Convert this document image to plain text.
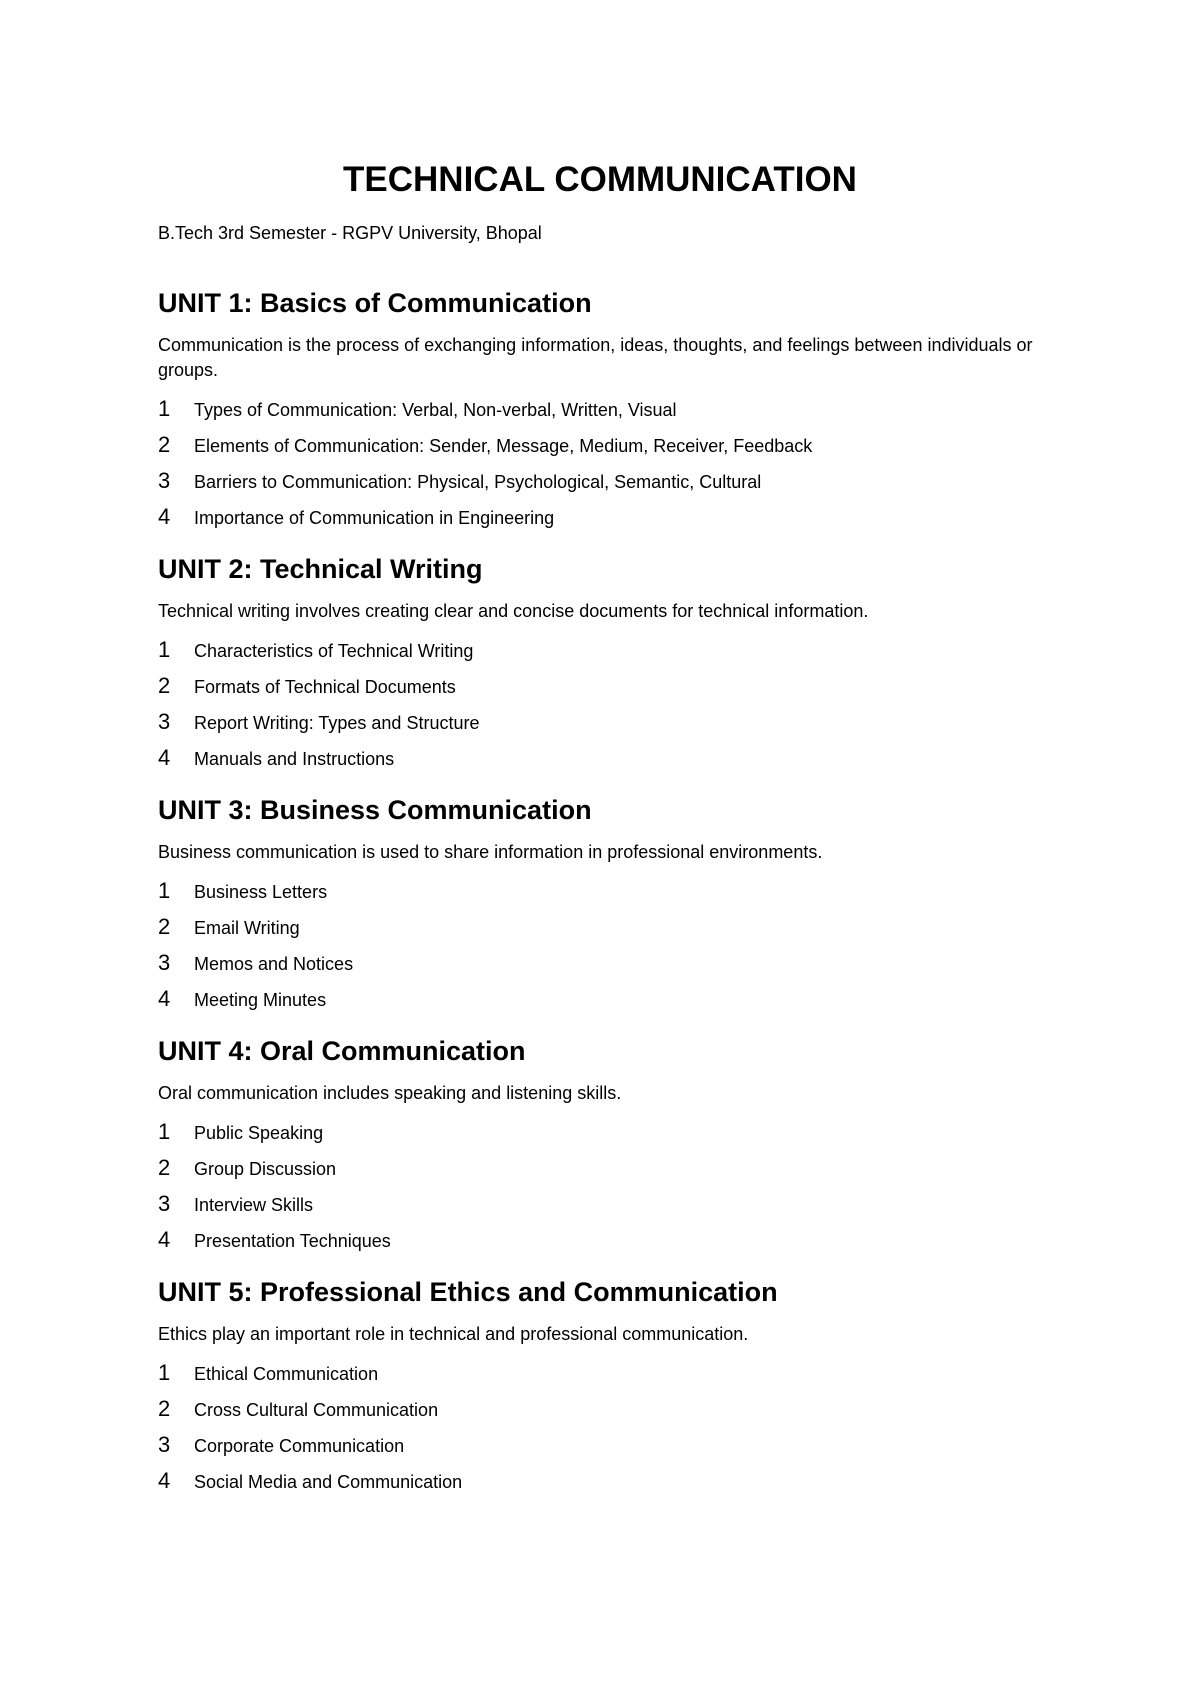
TECHNICAL COMMUNICATION

B.Tech 3rd Semester - RGPV University, Bhopal

UNIT 1: Basics of Communication

Communication is the process of exchanging information, ideas, thoughts, and feelings between individuals or groups.

1	Types of Communication: Verbal, Non-verbal, Written, Visual
2	Elements of Communication: Sender, Message, Medium, Receiver, Feedback
3	Barriers to Communication: Physical, Psychological, Semantic, Cultural
4	Importance of Communication in Engineering
UNIT 2: Technical Writing

Technical writing involves creating clear and concise documents for technical information.

1	Characteristics of Technical Writing
2	Formats of Technical Documents
3	Report Writing: Types and Structure
4	Manuals and Instructions
UNIT 3: Business Communication

Business communication is used to share information in professional environments.

1	Business Letters
2	Email Writing
3	Memos and Notices
4	Meeting Minutes
UNIT 4: Oral Communication

Oral communication includes speaking and listening skills.

1	Public Speaking
2	Group Discussion
3	Interview Skills
4	Presentation Techniques
UNIT 5: Professional Ethics and Communication

Ethics play an important role in technical and professional communication.

1	Ethical Communication
2	Cross Cultural Communication
3	Corporate Communication
4	Social Media and Communication
